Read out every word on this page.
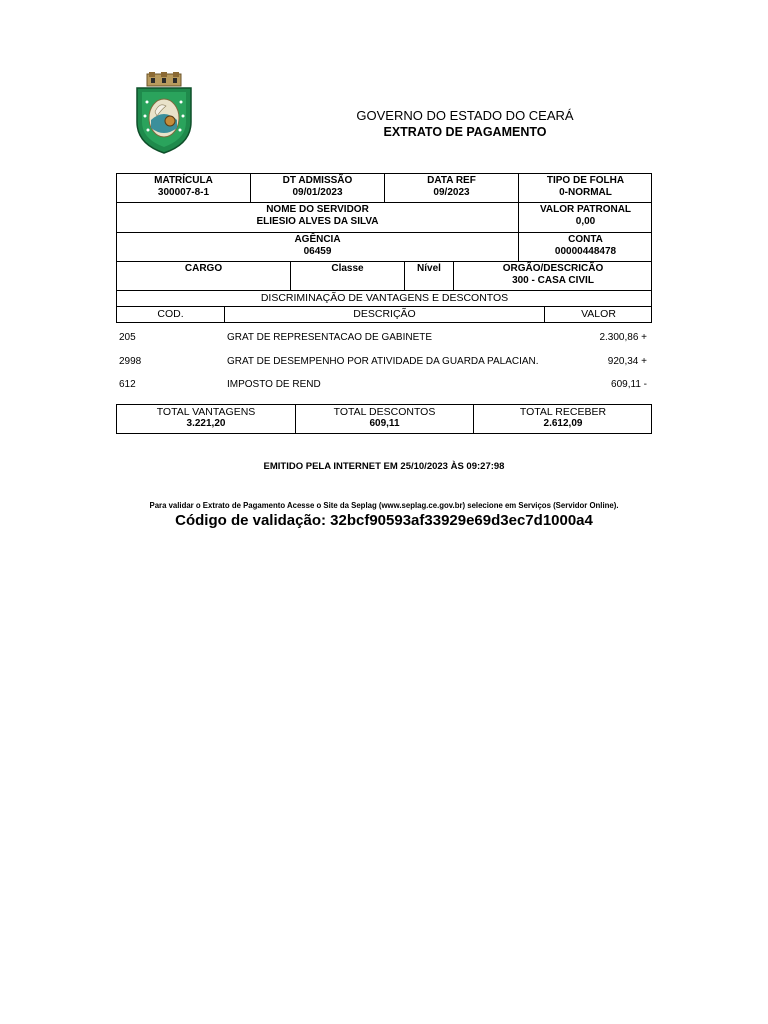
GOVERNO DO ESTADO DO CEARÁ
EXTRATO DE PAGAMENTO
MATRÍCULA
300007-8-1
DT ADMISSÃO
09/01/2023
DATA REF
09/2023
TIPO DE FOLHA
0-NORMAL
NOME DO SERVIDOR
ELIESIO ALVES DA SILVA
VALOR PATRONAL
0,00
AGÊNCIA
06459
CONTA
00000448478
CARGO	Classe	Nível	ORGÃO/DESCRICÃO
300 - CASA CIVIL
DISCRIMINAÇÃO DE VANTAGENS E DESCONTOS
COD.	DESCRIÇÃO	VALOR
205	GRAT DE REPRESENTACAO DE GABINETE	2.300,86 +
2998	GRAT DE DESEMPENHO POR ATIVIDADE DA GUARDA PALACIAN.	920,34 +
612	IMPOSTO DE REND	609,11 -
TOTAL VANTAGENS
3.221,20
TOTAL DESCONTOS
609,11
TOTAL RECEBER
2.612,09
EMITIDO PELA INTERNET EM 25/10/2023 ÀS 09:27:98
Para validar o Extrato de Pagamento Acesse o Site da Seplag (www.seplag.ce.gov.br) selecione em Serviços (Servidor Online).
Código de validação: 32bcf90593af33929e69d3ec7d1000a4
